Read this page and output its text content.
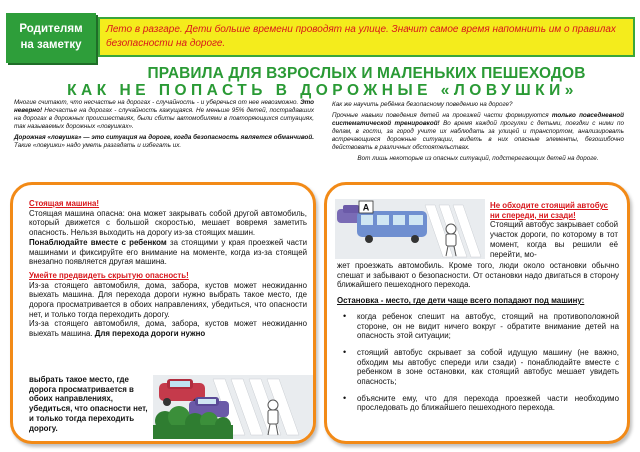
Родителям
на заметку
Лето в разгаре. Дети больше времени проводят на улице. Значит самое время напомнить им о правилах безопасности на дороге.
ПРАВИЛА ДЛЯ ВЗРОСЛЫХ И МАЛЕНЬКИХ ПЕШЕХОДОВ
КАК НЕ ПОПАСТЬ В ДОРОЖНЫЕ «ЛОВУШКИ»

Многие считают, что несчастье на дорогах - случайность - и уберечься от нее невозможно. Это неверно! Несчастье на дорогах - случайность кажущаяся. Не меньше 95% детей, пострадавших на дорогах в дорожных происшествиях, были сбиты автомобилями в повторяющихся ситуациях, так называемых дорожных «ловушках».

Дорожная «ловушка» — это ситуация на дороге, когда безопасность является обманчивой. Такие «ловушки» надо уметь разгадать и избегать их.

Как же научить ребёнка безопасному поведению на дороге?

Прочные навыки поведения детей на проезжей части формируются только повседневной систематической тренировкой! Во время каждой прогулки с детьми, поездки с ними по делам, в гости, за город учите их наблюдать за улицей и транспортом, анализировать встречающиеся дорожные ситуации, видеть в них опасные элементы, безошибочно действовать в различных обстоятельствах.

Вот лишь некоторые из опасных ситуаций, подстерегающих детей на дороге.

Стоящая машина!

Стоящая машина опасна: она может закрывать собой другой автомобиль, который движется с большой скоростью, мешает вовремя заметить опасность. Нельзя выходить на дорогу из-за стоящих машин.

Понаблюдайте вместе с ребенком за стоящими у края проезжей части машинами и фиксируйте его внимание на моменте, когда из-за стоящей внезапно появляется другая машина.

Умейте предвидеть скрытую опасность!

Из-за стоящего автомобиля, дома, забора, кустов может неожиданно выехать машина. Для перехода дороги нужно выбрать такое место, где дорога просматривается в обоих направлениях, убедиться, что опасности нет, и только тогда переходить дорогу.

Из-за стоящего автомобиля, дома, забора, кустов может неожиданно выехать машина. Для перехода дороги нужно

выбрать такое место, где дорога просматривается в обоих направлениях, убедиться, что опасности нет, и только тогда переходить дорогу.
A	Не обходите стоящий автобус ни спереди, ни сзади!

Стоящий автобус закрывает собой участок дороги, по которому в тот момент, когда вы решили её перейти, мо-

жет проезжать автомобиль. Кроме того, люди около остановки обычно спешат и забывают о безопасности. От остановки надо двигаться в сторону ближайшего пешеходного перехода.

Остановка - место, где дети чаще всего попадают под машину:
• когда ребенок спешит на автобус, стоящий на противоположной стороне, он не видит ничего вокруг - обратите внимание детей на опасность этой ситуации;
• стоящий автобус скрывает за собой идущую машину (не важно, обходим мы автобус спереди или сзади) - понаблюдайте вместе с ребенком в зоне остановки, как стоящий автобус мешает увидеть опасность;
• объясните ему, что для перехода проезжей части необходимо проследовать до ближайшего пешеходного перехода.
